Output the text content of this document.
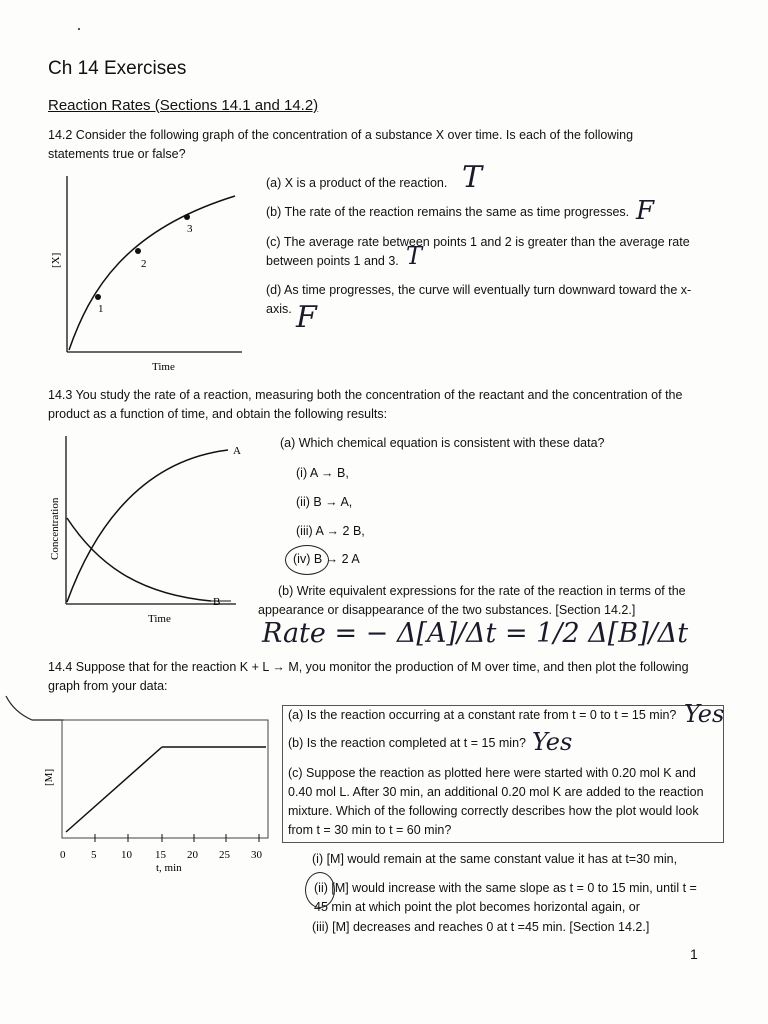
Ch 14 Exercises
Reaction Rates (Sections 14.1 and 14.2)
14.2 Consider the following graph of the concentration of a substance X over time. Is each of the following statements true or false?
1
2
3
[X]
Time
(a) X is a product of the reaction. T
(b) The rate of the reaction remains the same as time progresses. F
(c) The average rate between points 1 and 2 is greater than the average rate between points 1 and 3. T
(d) As time progresses, the curve will eventually turn downward toward the x-axis. F
14.3 You study the rate of a reaction, measuring both the concentration of the reactant and the concentration of the product as a function of time, and obtain the following results:
A
B
Concentration
Time
(a) Which chemical equation is consistent with these data?
(i) A → B,
(ii) B → A,
(iii) A → 2 B,
(iv) B → 2 A
(b) Write equivalent expressions for the rate of the reaction in terms of the appearance or disappearance of the two substances. [Section 14.2.]
Rate = − Δ[A]/Δt = 1/2 Δ[B]/Δt
14.4 Suppose that for the reaction K + L → M, you monitor the production of M over time, and then plot the following graph from your data:
0 5 10 15 20 25 30
t, min
[M]
(a) Is the reaction occurring at a constant rate from t = 0 to t = 15 min? Yes
(b) Is the reaction completed at t = 15 min? Yes
(c) Suppose the reaction as plotted here were started with 0.20 mol K and 0.40 mol L. After 30 min, an additional 0.20 mol K are added to the reaction mixture. Which of the following correctly describes how the plot would look from t = 30 min to t = 60 min?
(i) [M] would remain at the same constant value it has at t=30 min,
(ii) [M] would increase with the same slope as t = 0 to 15 min, until t = 45 min at which point the plot becomes horizontal again, or
(iii) [M] decreases and reaches 0 at t =45 min. [Section 14.2.]
1
